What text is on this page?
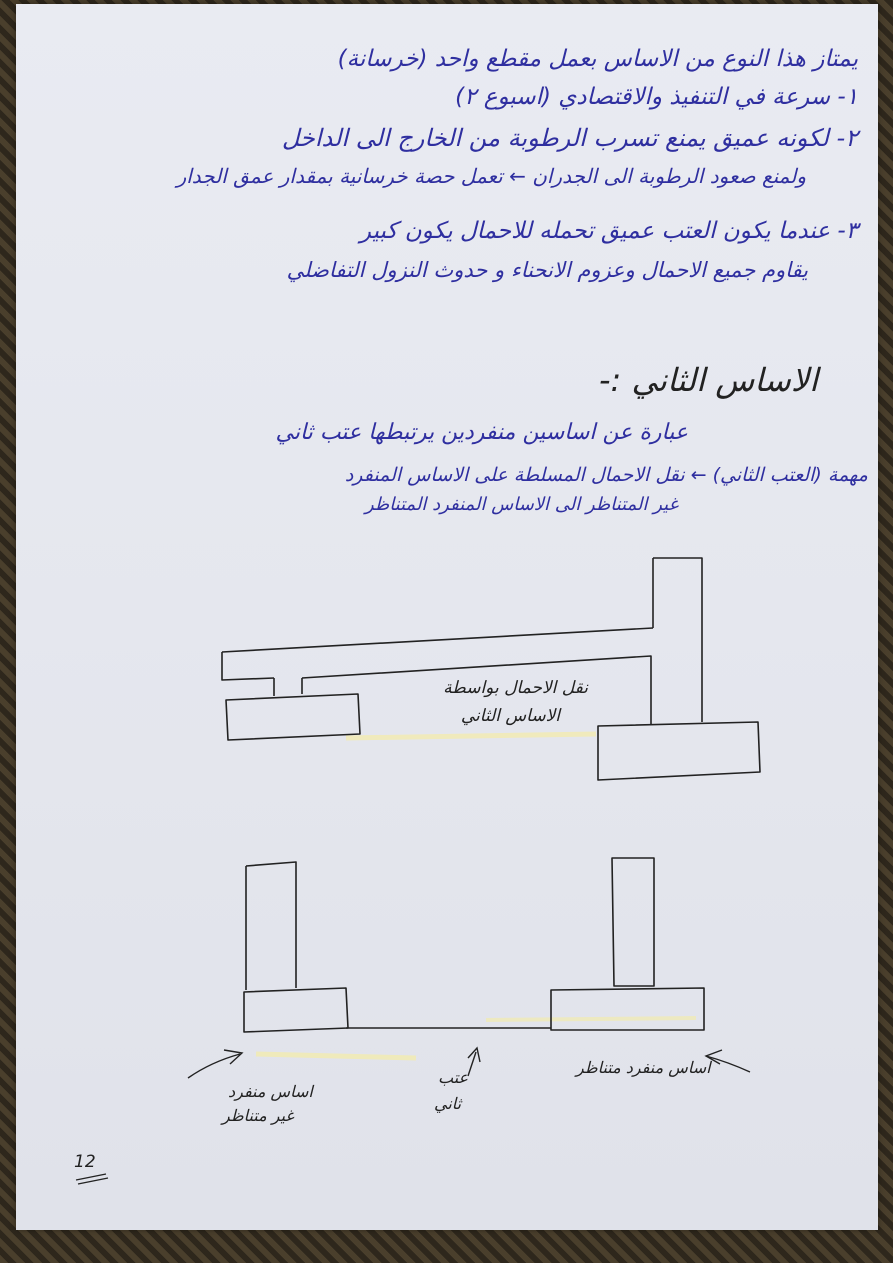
يمتاز هذا النوع من الاساس بعمل مقطع واحد (خرسانة)
١- سرعة في التنفيذ والاقتصادي (اسبوع ٢)
٢- لكونه عميق يمنع تسرب الرطوبة من الخارج الى الداخل
ولمنع صعود الرطوبة الى الجدران ← تعمل حصة خرسانية بمقدار عمق الجدار
٣- عندما يكون العتب عميق تحمله للاحمال يكون كبير
يقاوم جميع الاحمال وعزوم الانحناء و حدوث النزول التفاضلي
الاساس الثاني :-
عبارة عن اساسين منفردين يرتبطها عتب ثاني
مهمة (العتب الثاني) ← نقل الاحمال المسلطة على الاساس المنفرد
غير المتناظر الى الاساس المنفرد المتناظر
نقل الاحمال بواسطة
الاساس الثاني
اساس منفرد
غير متناظر
عتب
ثاني
اساس منفرد متناظر
12
